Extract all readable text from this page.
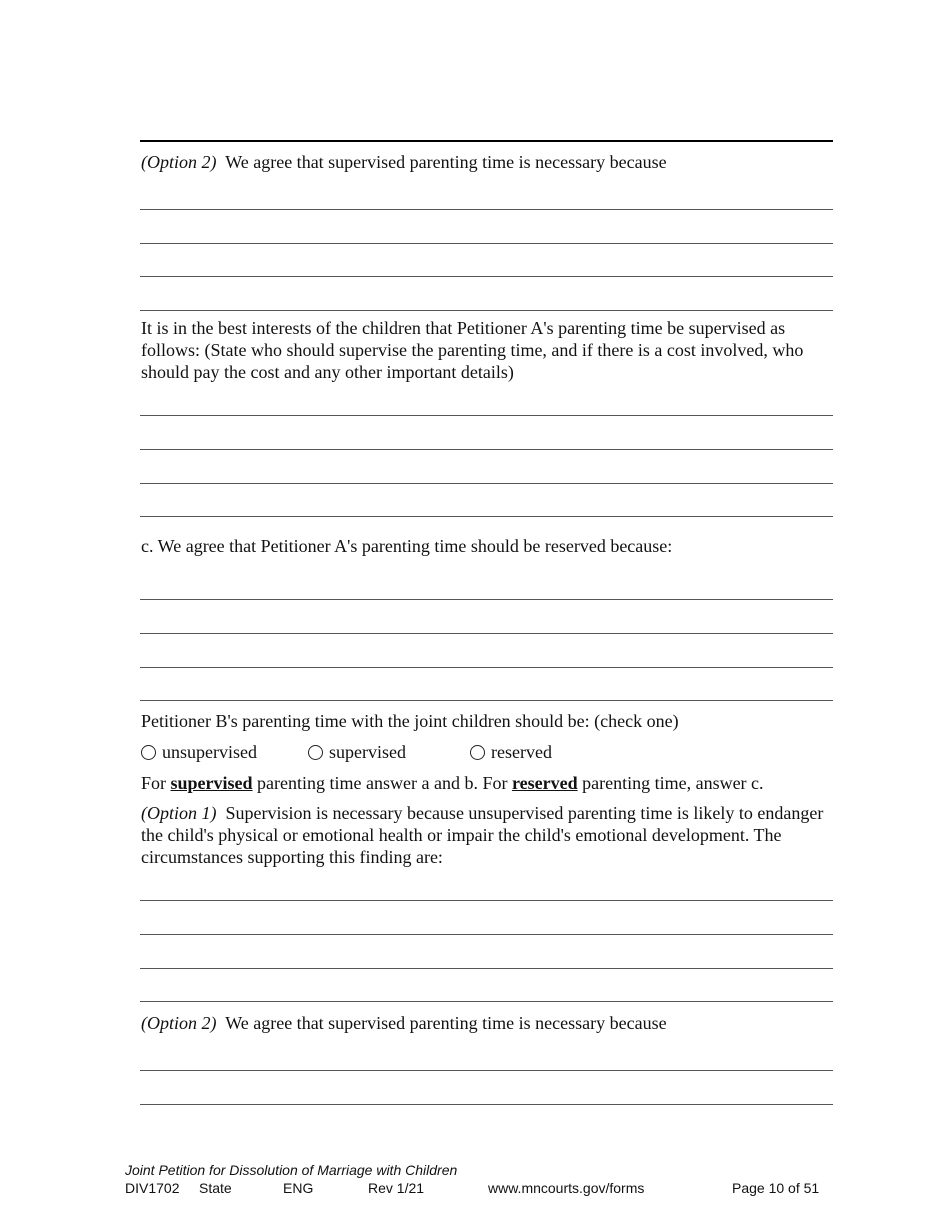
(Option 2) We agree that supervised parenting time is necessary because
It is in the best interests of the children that Petitioner A's parenting time be supervised as follows: (State who should supervise the parenting time, and if there is a cost involved, who should pay the cost and any other important details)
c. We agree that Petitioner A's parenting time should be reserved because:
Petitioner B's parenting time with the joint children should be: (check one)
unsupervised	supervised	reserved
For supervised parenting time answer a and b. For reserved parenting time, answer c.
(Option 1) Supervision is necessary because unsupervised parenting time is likely to endanger the child's physical or emotional health or impair the child's emotional development. The circumstances supporting this finding are:
(Option 2) We agree that supervised parenting time is necessary because
Joint Petition for Dissolution of Marriage with Children
DIV1702 State	ENG	Rev 1/21	www.mncourts.gov/forms	Page 10 of 51
